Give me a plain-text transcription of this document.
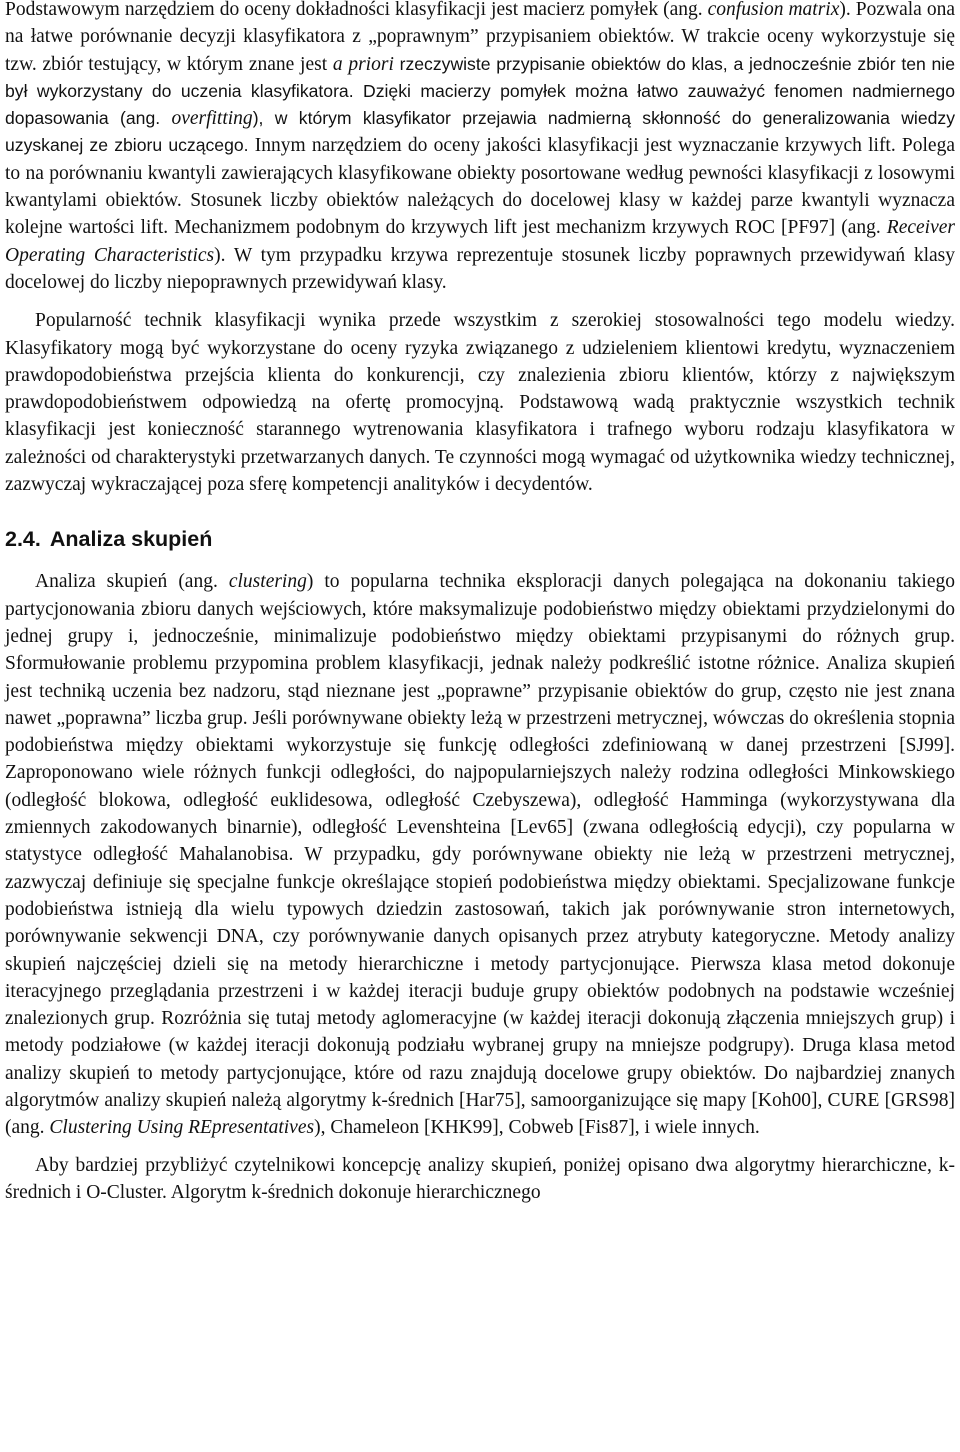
Podstawowym narzędziem do oceny dokładności klasyfikacji jest macierz pomyłek (ang. confusion matrix). Pozwala ona na łatwe porównanie decyzji klasyfikatora z „poprawnym” przypisaniem obiektów. W trakcie oceny wykorzystuje się tzw. zbiór testujący, w którym znane jest a priori rzeczywiste przypisanie obiektów do klas, a jednocześnie zbiór ten nie był wykorzystany do uczenia klasyfikatora. Dzięki macierzy pomyłek można łatwo zauważyć fenomen nadmiernego dopasowania (ang. overfitting), w którym klasyfikator przejawia nadmierną skłonność do generalizowania wiedzy uzyskanej ze zbioru uczącego. Innym narzędziem do oceny jakości klasyfikacji jest wyznaczanie krzywych lift. Polega to na porównaniu kwantyli zawierających klasyfikowane obiekty posortowane według pewności klasyfikacji z losowymi kwantylami obiektów. Stosunek liczby obiektów należących do docelowej klasy w każdej parze kwantyli wyznacza kolejne wartości lift. Mechanizmem podobnym do krzywych lift jest mechanizm krzywych ROC [PF97] (ang. Receiver Operating Characteristics). W tym przypadku krzywa reprezentuje stosunek liczby poprawnych przewidywań klasy docelowej do liczby niepoprawnych przewidywań klasy.

Popularność technik klasyfikacji wynika przede wszystkim z szerokiej stosowalności tego modelu wiedzy. Klasyfikatory mogą być wykorzystane do oceny ryzyka związanego z udzieleniem klientowi kredytu, wyznaczeniem prawdopodobieństwa przejścia klienta do konkurencji, czy znalezienia zbioru klientów, którzy z największym prawdopodobieństwem odpowiedzą na ofertę promocyjną. Podstawową wadą praktycznie wszystkich technik klasyfikacji jest konieczność starannego wytrenowania klasyfikatora i trafnego wyboru rodzaju klasyfikatora w zależności od charakterystyki przetwarzanych danych. Te czynności mogą wymagać od użytkownika wiedzy technicznej, zazwyczaj wykraczającej poza sferę kompetencji analityków i decydentów.

2.4. Analiza skupień

Analiza skupień (ang. clustering) to popularna technika eksploracji danych polegająca na dokonaniu takiego partycjonowania zbioru danych wejściowych, które maksymalizuje podobieństwo między obiektami przydzielonymi do jednej grupy i, jednocześnie, minimalizuje podobieństwo między obiektami przypisanymi do różnych grup. Sformułowanie problemu przypomina problem klasyfikacji, jednak należy podkreślić istotne różnice. Analiza skupień jest techniką uczenia bez nadzoru, stąd nieznane jest „poprawne” przypisanie obiektów do grup, często nie jest znana nawet „poprawna” liczba grup. Jeśli porównywane obiekty leżą w przestrzeni metrycznej, wówczas do określenia stopnia podobieństwa między obiektami wykorzystuje się funkcję odległości zdefiniowaną w danej przestrzeni [SJ99]. Zaproponowano wiele różnych funkcji odległości, do najpopularniejszych należy rodzina odległości Minkowskiego (odległość blokowa, odległość euklidesowa, odległość Czebyszewa), odległość Hamminga (wykorzystywana dla zmiennych zakodowanych binarnie), odległość Levenshteina [Lev65] (zwana odległością edycji), czy popularna w statystyce odległość Mahalanobisa. W przypadku, gdy porównywane obiekty nie leżą w przestrzeni metrycznej, zazwyczaj definiuje się specjalne funkcje określające stopień podobieństwa między obiektami. Specjalizowane funkcje podobieństwa istnieją dla wielu typowych dziedzin zastosowań, takich jak porównywanie stron internetowych, porównywanie sekwencji DNA, czy porównywanie danych opisanych przez atrybuty kategoryczne. Metody analizy skupień najczęściej dzieli się na metody hierarchiczne i metody partycjonujące. Pierwsza klasa metod dokonuje iteracyjnego przeglądania przestrzeni i w każdej iteracji buduje grupy obiektów podobnych na podstawie wcześniej znalezionych grup. Rozróżnia się tutaj metody aglomeracyjne (w każdej iteracji dokonują złączenia mniejszych grup) i metody podziałowe (w każdej iteracji dokonują podziału wybranej grupy na mniejsze podgrupy). Druga klasa metod analizy skupień to metody partycjonujące, które od razu znajdują docelowe grupy obiektów. Do najbardziej znanych algorytmów analizy skupień należą algorytmy k-średnich [Har75], samoorganizujące się mapy [Koh00], CURE [GRS98] (ang. Clustering Using REpresentatives), Chameleon [KHK99], Cobweb [Fis87], i wiele innych.

Aby bardziej przybliżyć czytelnikowi koncepcję analizy skupień, poniżej opisano dwa algorytmy hierarchiczne, k-średnich i O-Cluster. Algorytm k-średnich dokonuje hierarchicznego
